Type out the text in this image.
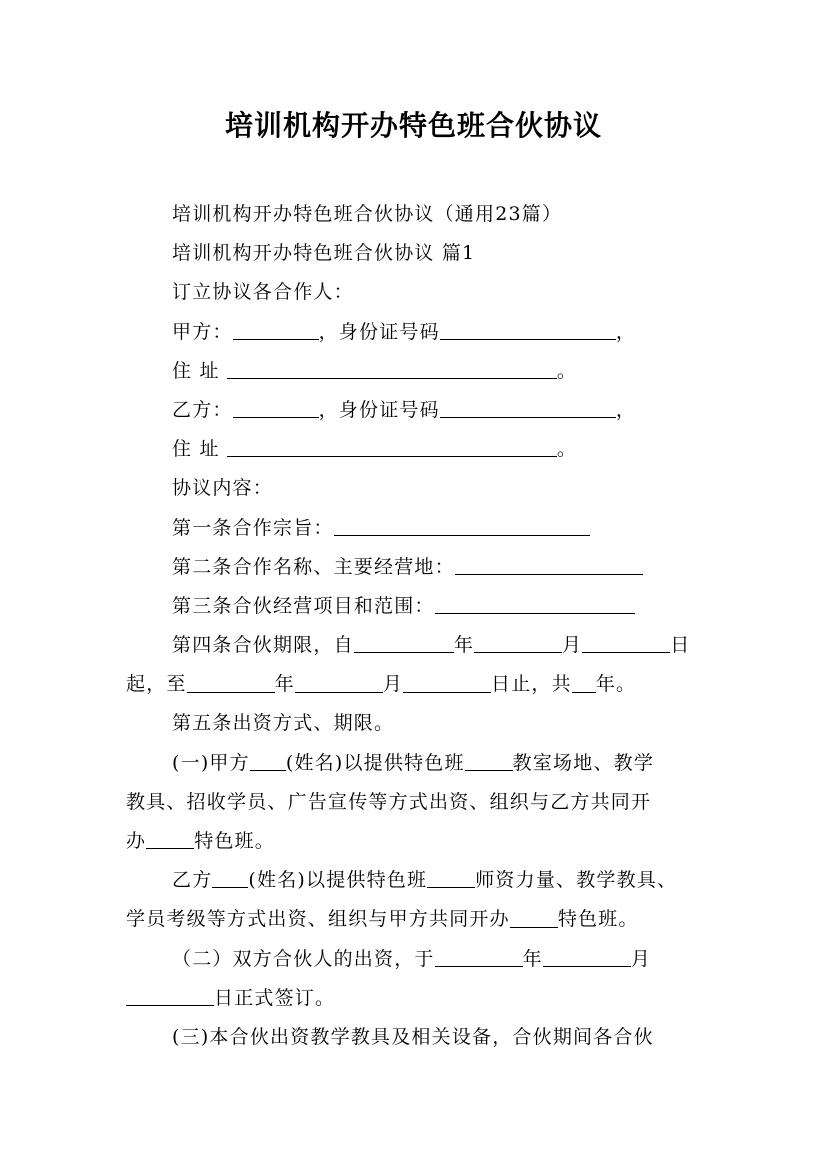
培训机构开办特色班合伙协议
培训机构开办特色班合伙协议（通用23篇）
培训机构开办特色班合伙协议 篇1
订立协议各合作人：
甲方：	，身份证号码	，
住 址	。
乙方：	，身份证号码	，
住 址	。
协议内容：
第一条合作宗旨：
第二条合作名称、主要经营地：
第三条合伙经营项目和范围：
第四条合伙期限，自	年	月	日
起，至	年	月	日止，共 年。
第五条出资方式、期限。
(一)甲方 (姓名)以提供特色班	教室场地、教学
教具、招收学员、广告宣传等方式出资、组织与乙方共同开
办	特色班。
乙方 (姓名)以提供特色班	师资力量、教学教具、
学员考级等方式出资、组织与甲方共同开办	特色班。
（二）双方合伙人的出资，于	年	月
日正式签订。
(三)本合伙出资教学教具及相关设备，合伙期间各合伙
